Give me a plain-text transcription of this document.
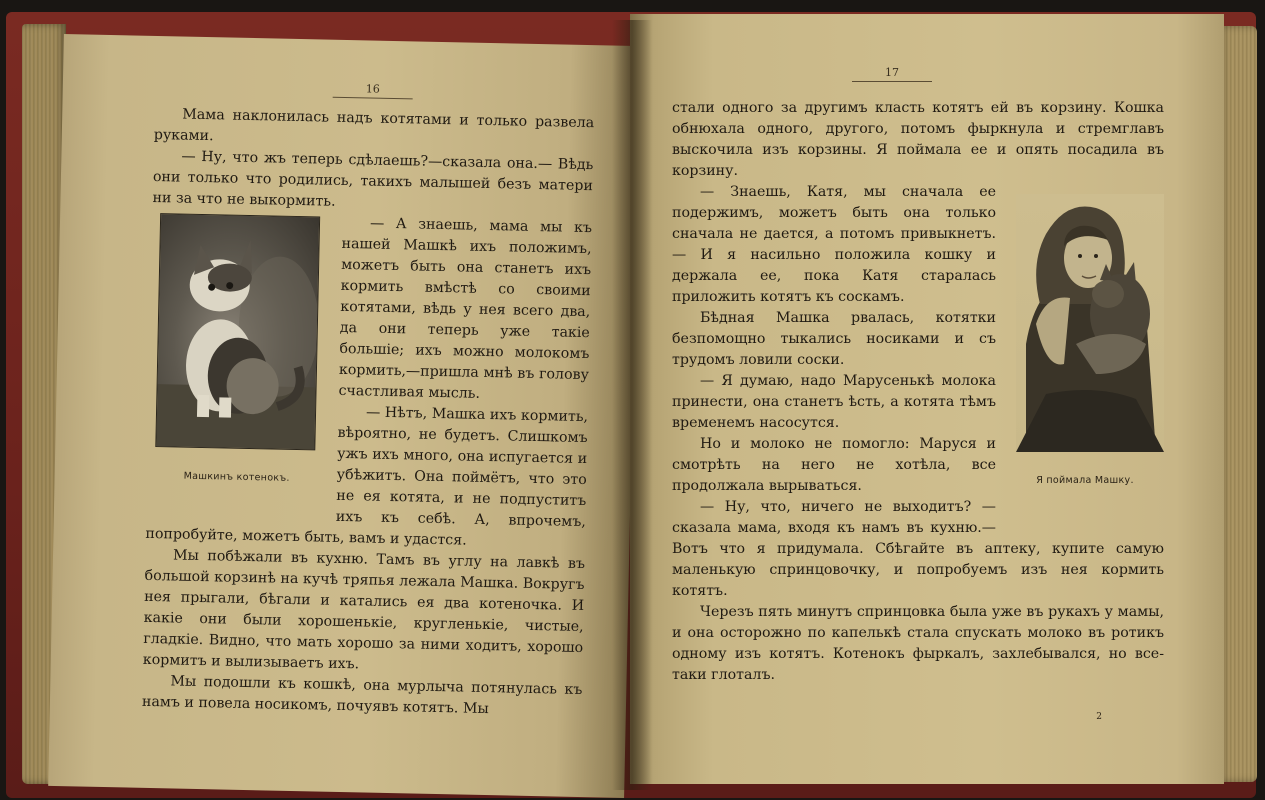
16

Мама наклонилась надъ котятами и только развела руками.

— Ну, что жъ теперь сдѣлаешь?—сказала она.— Вѣдь они только что родились, такихъ малышей безъ матери ни за что не выкормить.

Машкинъ котенокъ.

— А знаешь, мама мы къ нашей Машкѣ ихъ положимъ, можетъ быть она станетъ ихъ кормить вмѣстѣ со своими котятами, вѣдь у нея всего два, да они теперь уже такіе большіе; ихъ можно молокомъ кормить,—пришла мнѣ въ голову счастливая мысль.

— Нѣтъ, Машка ихъ кормить, вѣроятно, не будетъ. Слишкомъ ужъ ихъ много, она испугается и убѣжитъ. Она поймётъ, что это не ея котята, и не подпуститъ ихъ къ себѣ. А, впрочемъ, попробуйте, можетъ быть, вамъ и удастся.

Мы побѣжали въ кухню. Тамъ въ углу на лавкѣ въ большой корзинѣ на кучѣ тряпья лежала Машка. Вокругъ нея прыгали, бѣгали и катались ея два котеночка. И какіе они были хорошенькіе, кругленькіе, чистые, гладкіе. Видно, что мать хорошо за ними ходитъ, хорошо кормитъ и вылизываетъ ихъ.

Мы подошли къ кошкѣ, она мурлыча потянулась къ намъ и повела носикомъ, почуявъ котятъ. Мы

17

стали одного за другимъ класть котятъ ей въ корзину. Кошка обнюхала одного, другого, потомъ фыркнула и стремглавъ выскочила изъ корзины. Я поймала ее и опять посадила въ корзину.

Я поймала Машку.

— Знаешь, Катя, мы сначала ее подержимъ, можетъ быть она только сначала не дается, а потомъ привыкнетъ.— И я насильно положила кошку и держала ее, пока Катя старалась приложить котятъ къ соскамъ.

Бѣдная Машка рвалась, котятки безпомощно тыкались носиками и съ трудомъ ловили соски.

— Я думаю, надо Марусенькѣ молока принести, она станетъ ѣсть, а котята тѣмъ временемъ насосутся.

Но и молоко не помогло: Маруся и смотрѣть на него не хотѣла, все продолжала вырываться.

— Ну, что, ничего не выходитъ? — сказала мама, входя къ намъ въ кухню.— Вотъ что я придумала. Сбѣгайте въ аптеку, купите самую маленькую спринцовочку, и попробуемъ изъ нея кормить котятъ.

Черезъ пять минутъ спринцовка была уже въ рукахъ у мамы, и она осторожно по капелькѣ стала спускать молоко въ ротикъ одному изъ котятъ. Котенокъ фыркалъ, захлебывался, но все-таки глоталъ.

2
